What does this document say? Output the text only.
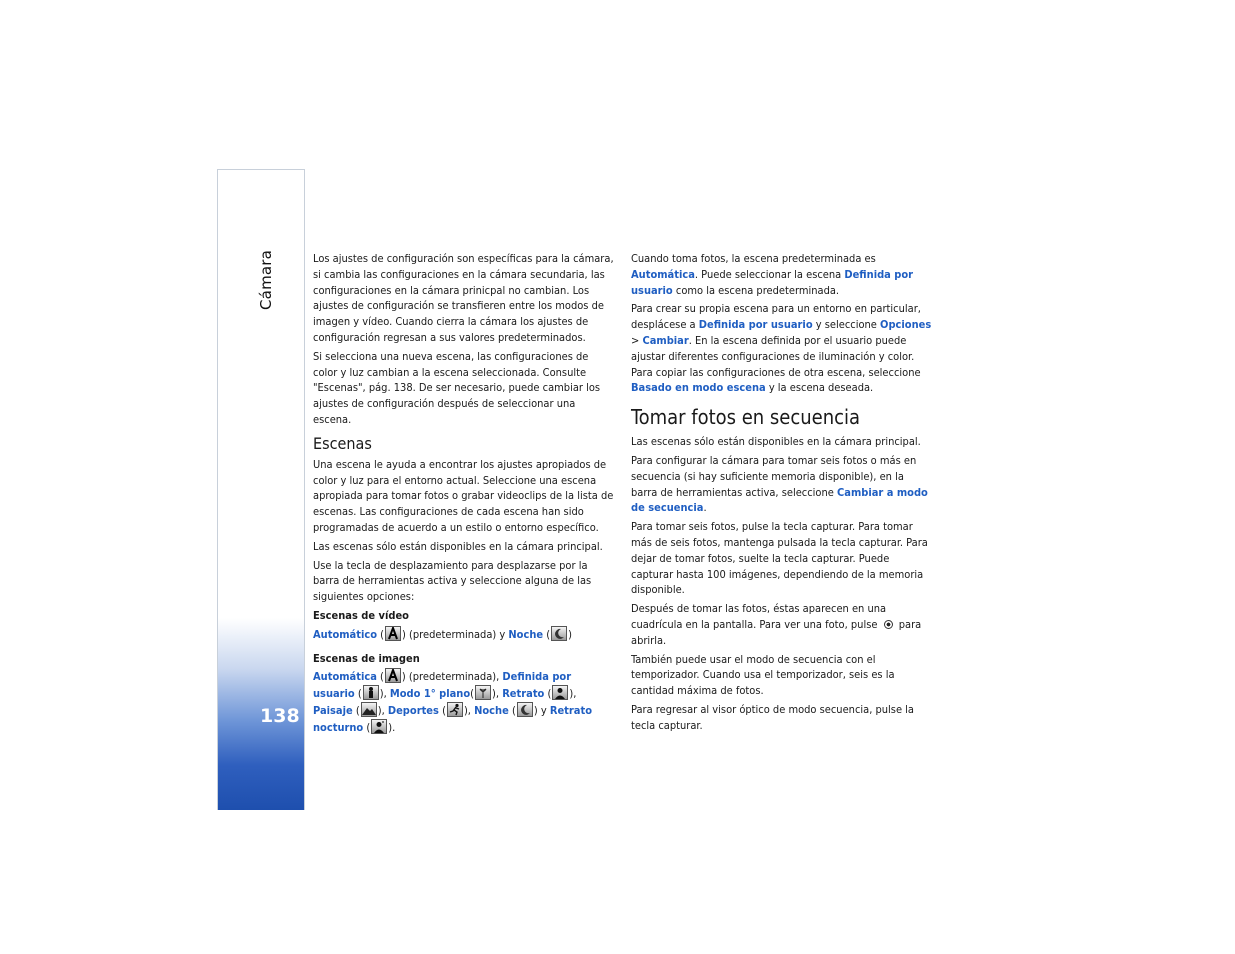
Cámara
138

Los ajustes de configuración son específicas para la cámara, si cambia las configuraciones en la cámara secundaria, las configuraciones en la cámara prinicpal no cambian. Los ajustes de configuración se transfieren entre los modos de imagen y vídeo. Cuando cierra la cámara los ajustes de configuración regresan a sus valores predeterminados.

Si selecciona una nueva escena, las configuraciones de color y luz cambian a la escena seleccionada. Consulte "Escenas", pág. 138. De ser necesario, puede cambiar los ajustes de configuración después de seleccionar una escena.

Escenas

Una escena le ayuda a encontrar los ajustes apropiados de color y luz para el entorno actual. Seleccione una escena apropiada para tomar fotos o grabar videoclips de la lista de escenas. Las configuraciones de cada escena han sido programadas de acuerdo a un estilo o entorno específico.

Las escenas sólo están disponibles en la cámara principal.

Use la tecla de desplazamiento para desplazarse por la barra de herramientas activa y seleccione alguna de las siguientes opciones:

Escenas de vídeo

Automático ( ) (predeterminada) y Noche ( )

Escenas de imagen

Automática ( ) (predeterminada), Definida por usuario ( ), Modo 1° plano( ), Retrato ( ), Paisaje ( ), Deportes ( ), Noche ( ) y Retrato nocturno ( ).

Cuando toma fotos, la escena predeterminada es Automática. Puede seleccionar la escena Definida por usuario como la escena predeterminada.

Para crear su propia escena para un entorno en particular, desplácese a Definida por usuario y seleccione Opciones > Cambiar. En la escena definida por el usuario puede ajustar diferentes configuraciones de iluminación y color. Para copiar las configuraciones de otra escena, seleccione Basado en modo escena y la escena deseada.

Tomar fotos en secuencia

Las escenas sólo están disponibles en la cámara principal.

Para configurar la cámara para tomar seis fotos o más en secuencia (si hay suficiente memoria disponible), en la barra de herramientas activa, seleccione Cambiar a modo de secuencia.

Para tomar seis fotos, pulse la tecla capturar. Para tomar más de seis fotos, mantenga pulsada la tecla capturar. Para dejar de tomar fotos, suelte la tecla capturar. Puede capturar hasta 100 imágenes, dependiendo de la memoria disponible.

Después de tomar las fotos, éstas aparecen en una cuadrícula en la pantalla. Para ver una foto, pulse  para abrirla.

También puede usar el modo de secuencia con el temporizador. Cuando usa el temporizador, seis es la cantidad máxima de fotos.

Para regresar al visor óptico de modo secuencia, pulse la tecla capturar.
